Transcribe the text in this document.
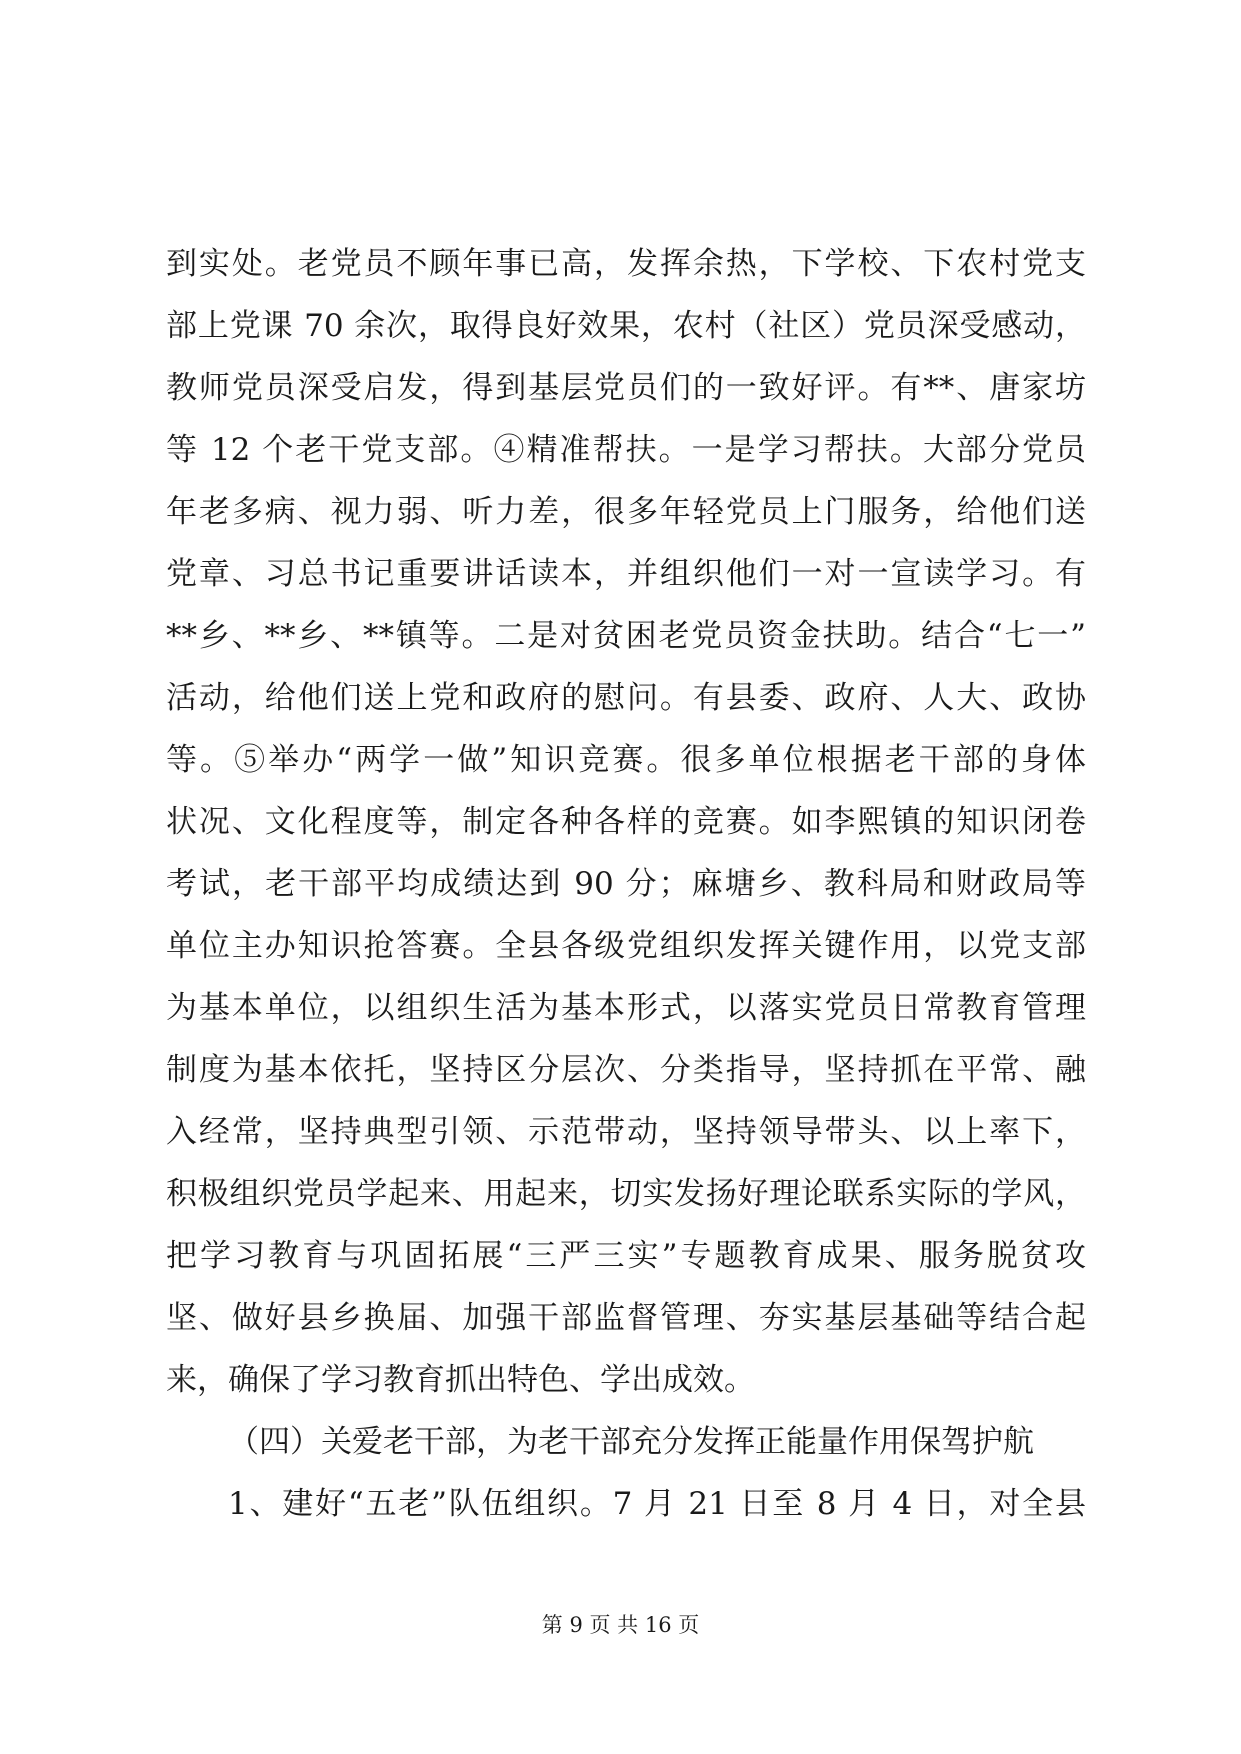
到实处。老党员不顾年事已高，发挥余热，下学校、下农村党支
部上党课 70 余次，取得良好效果，农村（社区）党员深受感动，
教师党员深受启发，得到基层党员们的一致好评。有**、唐家坊
等 12 个老干党支部。④精准帮扶。一是学习帮扶。大部分党员
年老多病、视力弱、听力差，很多年轻党员上门服务，给他们送
党章、习总书记重要讲话读本，并组织他们一对一宣读学习。有
**乡、**乡、**镇等。二是对贫困老党员资金扶助。结合“七一”
活动，给他们送上党和政府的慰问。有县委、政府、人大、政协
等。⑤举办“两学一做”知识竞赛。很多单位根据老干部的身体
状况、文化程度等，制定各种各样的竞赛。如李熙镇的知识闭卷
考试，老干部平均成绩达到 90 分；麻塘乡、教科局和财政局等
单位主办知识抢答赛。全县各级党组织发挥关键作用，以党支部
为基本单位，以组织生活为基本形式，以落实党员日常教育管理
制度为基本依托，坚持区分层次、分类指导，坚持抓在平常、融
入经常，坚持典型引领、示范带动，坚持领导带头、以上率下，
积极组织党员学起来、用起来，切实发扬好理论联系实际的学风，
把学习教育与巩固拓展“三严三实”专题教育成果、服务脱贫攻
坚、做好县乡换届、加强干部监督管理、夯实基层基础等结合起
来，确保了学习教育抓出特色、学出成效。
（四）关爱老干部，为老干部充分发挥正能量作用保驾护航
1、建好“五老”队伍组织。7 月 21 日至 8 月 4 日，对全县
第 9 页 共 16 页
